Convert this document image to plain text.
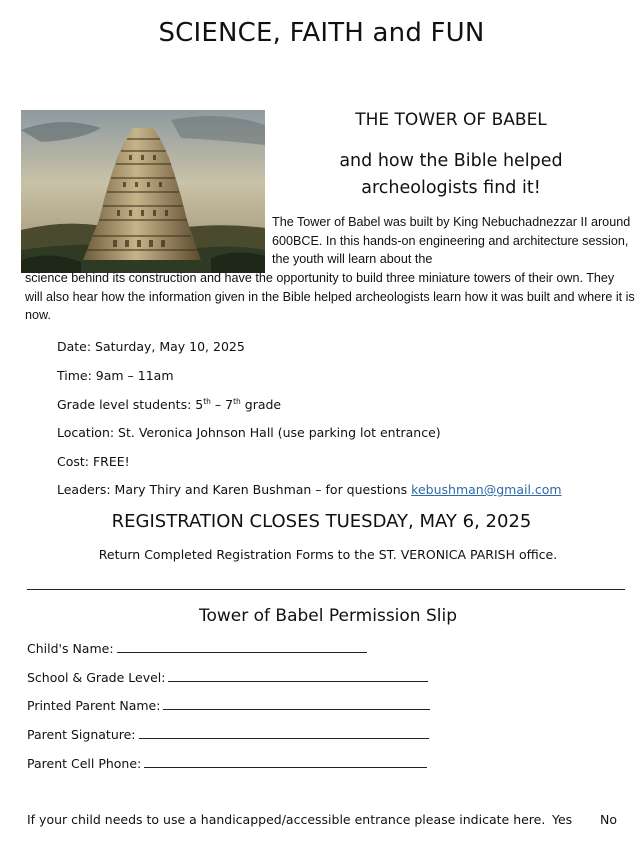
SCIENCE, FAITH and FUN
THE TOWER OF BABEL
and how the Bible helped
archeologists find it!
The Tower of Babel was built by King Nebuchadnezzar II around 600BCE. In this hands-on engineering and architecture session, the youth will learn about the
science behind its construction and have the opportunity to build three miniature towers of their own. They will also hear how the information given in the Bible helped archeologists learn how it was built and where it is now.
Date: Saturday, May 10, 2025
Time: 9am – 11am
Grade level students: 5th – 7th grade
Location: St. Veronica Johnson Hall (use parking lot entrance)
Cost: FREE!
Leaders: Mary Thiry and Karen Bushman – for questions kebushman@gmail.com
REGISTRATION CLOSES TUESDAY, MAY 6, 2025
Return Completed Registration Forms to the ST. VERONICA PARISH office.
Tower of Babel Permission Slip
Child's Name:
School & Grade Level:
Printed Parent Name:
Parent Signature:
Parent Cell Phone:
If your child needs to use a handicapped/accessible entrance please indicate here. Yes No
